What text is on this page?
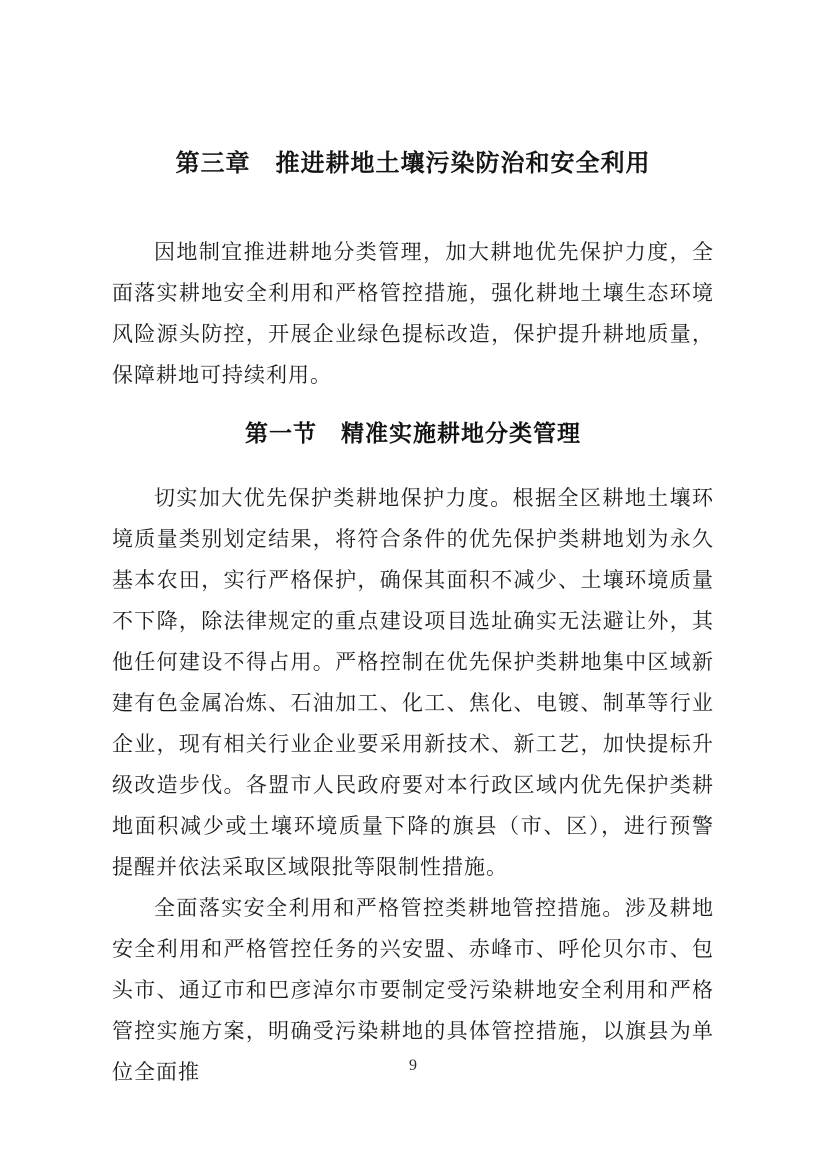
第三章　推进耕地土壤污染防治和安全利用

因地制宜推进耕地分类管理，加大耕地优先保护力度，全面落实耕地安全利用和严格管控措施，强化耕地土壤生态环境风险源头防控，开展企业绿色提标改造，保护提升耕地质量，保障耕地可持续利用。

第一节　精准实施耕地分类管理

切实加大优先保护类耕地保护力度。根据全区耕地土壤环境质量类别划定结果，将符合条件的优先保护类耕地划为永久基本农田，实行严格保护，确保其面积不减少、土壤环境质量不下降，除法律规定的重点建设项目选址确实无法避让外，其他任何建设不得占用。严格控制在优先保护类耕地集中区域新建有色金属冶炼、石油加工、化工、焦化、电镀、制革等行业企业，现有相关行业企业要采用新技术、新工艺，加快提标升级改造步伐。各盟市人民政府要对本行政区域内优先保护类耕地面积减少或土壤环境质量下降的旗县（市、区），进行预警提醒并依法采取区域限批等限制性措施。

全面落实安全利用和严格管控类耕地管控措施。涉及耕地安全利用和严格管控任务的兴安盟、赤峰市、呼伦贝尔市、包头市、通辽市和巴彦淖尔市要制定受污染耕地安全利用和严格管控实施方案，明确受污染耕地的具体管控措施，以旗县为单位全面推	9
